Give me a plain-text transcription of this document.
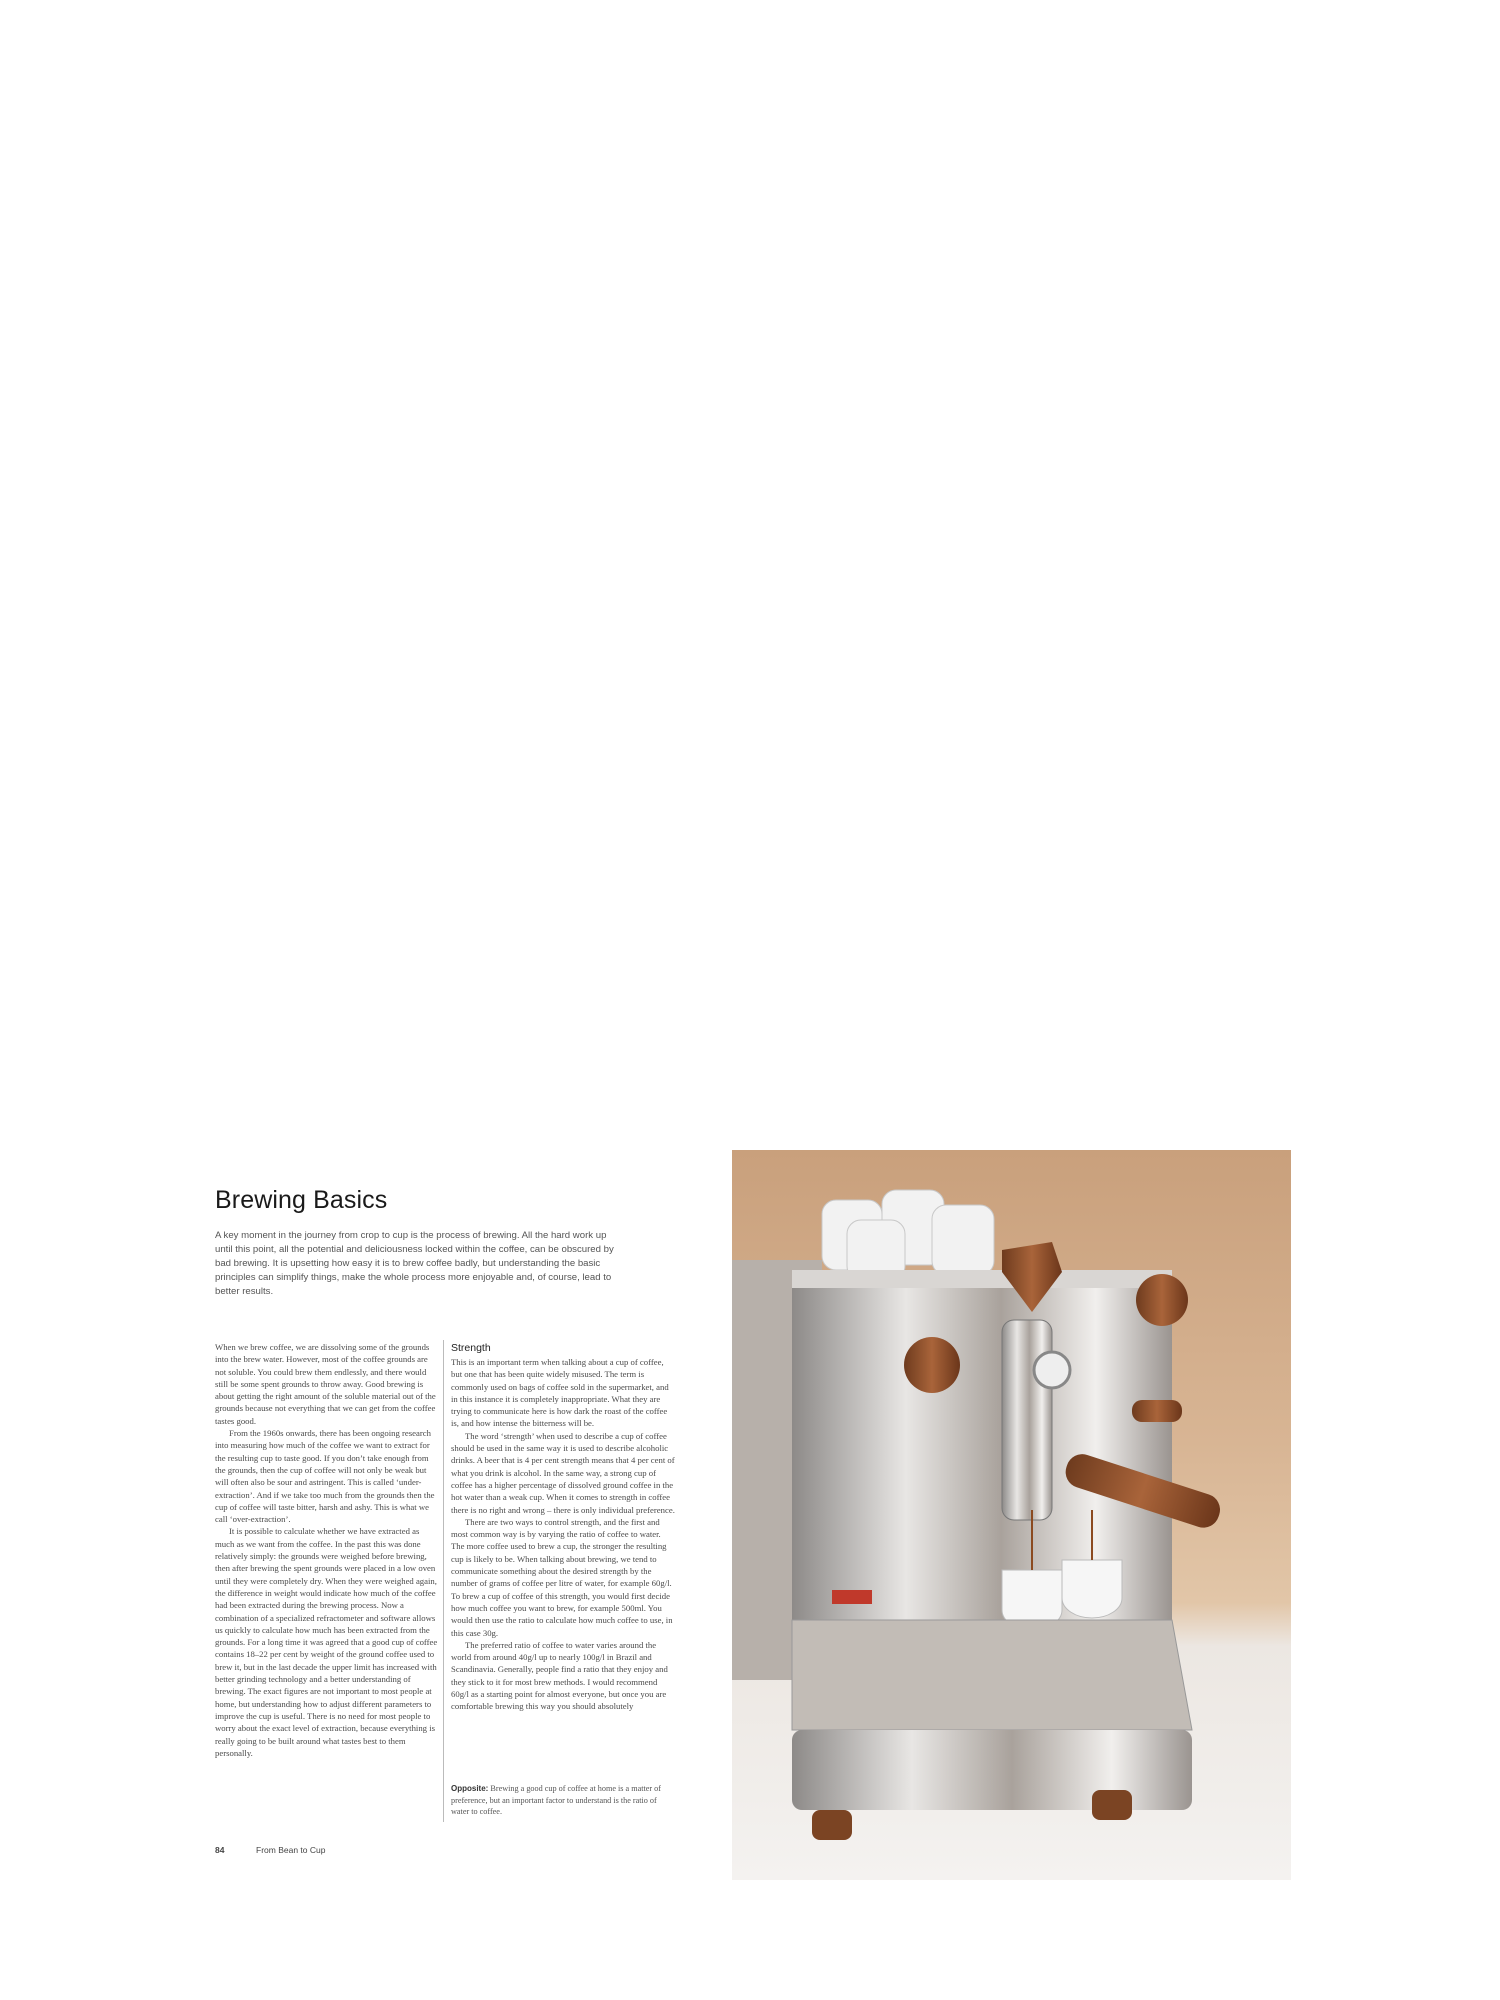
Brewing Basics
A key moment in the journey from crop to cup is the process of brewing. All the hard work up until this point, all the potential and deliciousness locked within the coffee, can be obscured by bad brewing. It is upsetting how easy it is to brew coffee badly, but understanding the basic principles can simplify things, make the whole process more enjoyable and, of course, lead to better results.

When we brew coffee, we are dissolving some of the grounds into the brew water. However, most of the coffee grounds are not soluble. You could brew them endlessly, and there would still be some spent grounds to throw away. Good brewing is about getting the right amount of the soluble material out of the grounds because not everything that we can get from the coffee tastes good.

From the 1960s onwards, there has been ongoing research into measuring how much of the coffee we want to extract for the resulting cup to taste good. If you don’t take enough from the grounds, then the cup of coffee will not only be weak but will often also be sour and astringent. This is called ‘under-extraction’. And if we take too much from the grounds then the cup of coffee will taste bitter, harsh and ashy. This is what we call ‘over-extraction’.

It is possible to calculate whether we have extracted as much as we want from the coffee. In the past this was done relatively simply: the grounds were weighed before brewing, then after brewing the spent grounds were placed in a low oven until they were completely dry. When they were weighed again, the difference in weight would indicate how much of the coffee had been extracted during the brewing process. Now a combination of a specialized refractometer and software allows us quickly to calculate how much has been extracted from the grounds. For a long time it was agreed that a good cup of coffee contains 18–22 per cent by weight of the ground coffee used to brew it, but in the last decade the upper limit has increased with better grinding technology and a better understanding of brewing. The exact figures are not important to most people at home, but understanding how to adjust different parameters to improve the cup is useful. There is no need for most people to worry about the exact level of extraction, because everything is really going to be built around what tastes best to them personally.

Strength

This is an important term when talking about a cup of coffee, but one that has been quite widely misused. The term is commonly used on bags of coffee sold in the supermarket, and in this instance it is completely inappropriate. What they are trying to communicate here is how dark the roast of the coffee is, and how intense the bitterness will be.

The word ‘strength’ when used to describe a cup of coffee should be used in the same way it is used to describe alcoholic drinks. A beer that is 4 per cent strength means that 4 per cent of what you drink is alcohol. In the same way, a strong cup of coffee has a higher percentage of dissolved ground coffee in the hot water than a weak cup. When it comes to strength in coffee there is no right and wrong – there is only individual preference.

There are two ways to control strength, and the first and most common way is by varying the ratio of coffee to water. The more coffee used to brew a cup, the stronger the resulting cup is likely to be. When talking about brewing, we tend to communicate something about the desired strength by the number of grams of coffee per litre of water, for example 60g/l. To brew a cup of coffee of this strength, you would first decide how much coffee you want to brew, for example 500ml. You would then use the ratio to calculate how much coffee to use, in this case 30g.

The preferred ratio of coffee to water varies around the world from around 40g/l up to nearly 100g/l in Brazil and Scandinavia. Generally, people find a ratio that they enjoy and they stick to it for most brew methods. I would recommend 60g/l as a starting point for almost everyone, but once you are comfortable brewing this way you should absolutely

Opposite: Brewing a good cup of coffee at home is a matter of preference, but an important factor to understand is the ratio of water to coffee.
84	From Bean to Cup
